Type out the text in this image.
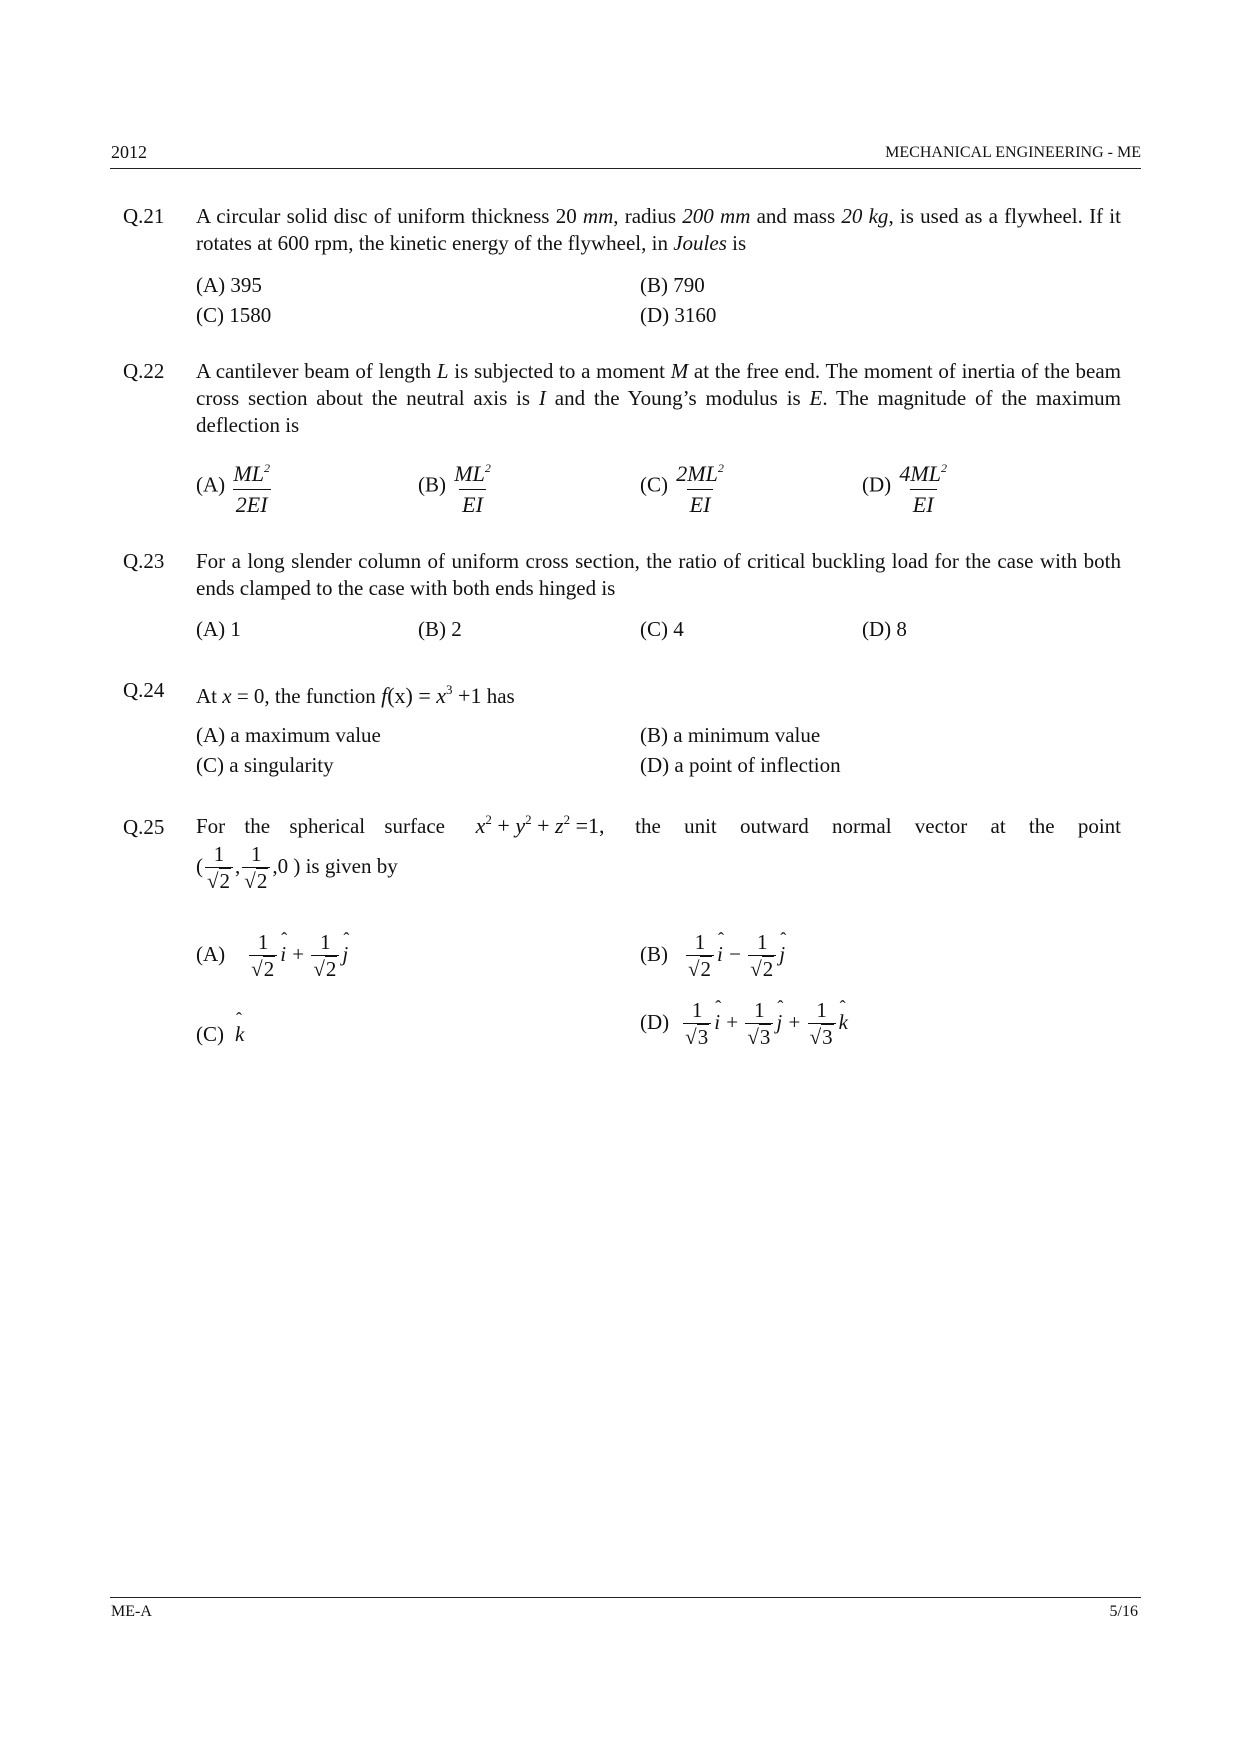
2012	MECHANICAL ENGINEERING - ME
Q.21 A circular solid disc of uniform thickness 20 mm, radius 200 mm and mass 20 kg, is used as a flywheel. If it rotates at 600 rpm, the kinetic energy of the flywheel, in Joules is
(A) 395	(B) 790
(C) 1580	(D) 3160
Q.22 A cantilever beam of length L is subjected to a moment M at the free end. The moment of inertia of the beam cross section about the neutral axis is I and the Young’s modulus is E. The magnitude of the maximum deflection is
$(A) \frac{ML^2}{2EI}$	$(B) \frac{ML^2}{EI}$	$(C) \frac{2ML^2}{EI}$	$(D) \frac{4ML^2}{EI}$
Q.23 For a long slender column of uniform cross section, the ratio of critical buckling load for the case with both ends clamped to the case with both ends hinged is
(A) 1	(B) 2	(C) 4	(D) 8
Q.24 At x = 0, the function $f(x) = x^3 +1$ has
(A) a maximum value	(B) a minimum value
(C) a singularity	(D) a point of inflection
Q.25 For the spherical surface $x^2 + y^2 + z^2 =1$, the unit outward normal vector at the point
( $\frac{1}{√2}$ , $\frac{1}{√2} ,0$ ) is given by
$(A) \frac{1}{√2}$ ˆ $i + \frac{1}{√2}$ ˆ j	$(B) \frac{1}{√2}$ ˆ $i - \frac{1}{√2}$ ˆ j
(C) ˆ k
$(D) \frac{1}{√3}$ ˆ $i + \frac{1}{√3}$ ˆ $j + \frac{1}{√3}$ ˆ k
ME-A	5/16
